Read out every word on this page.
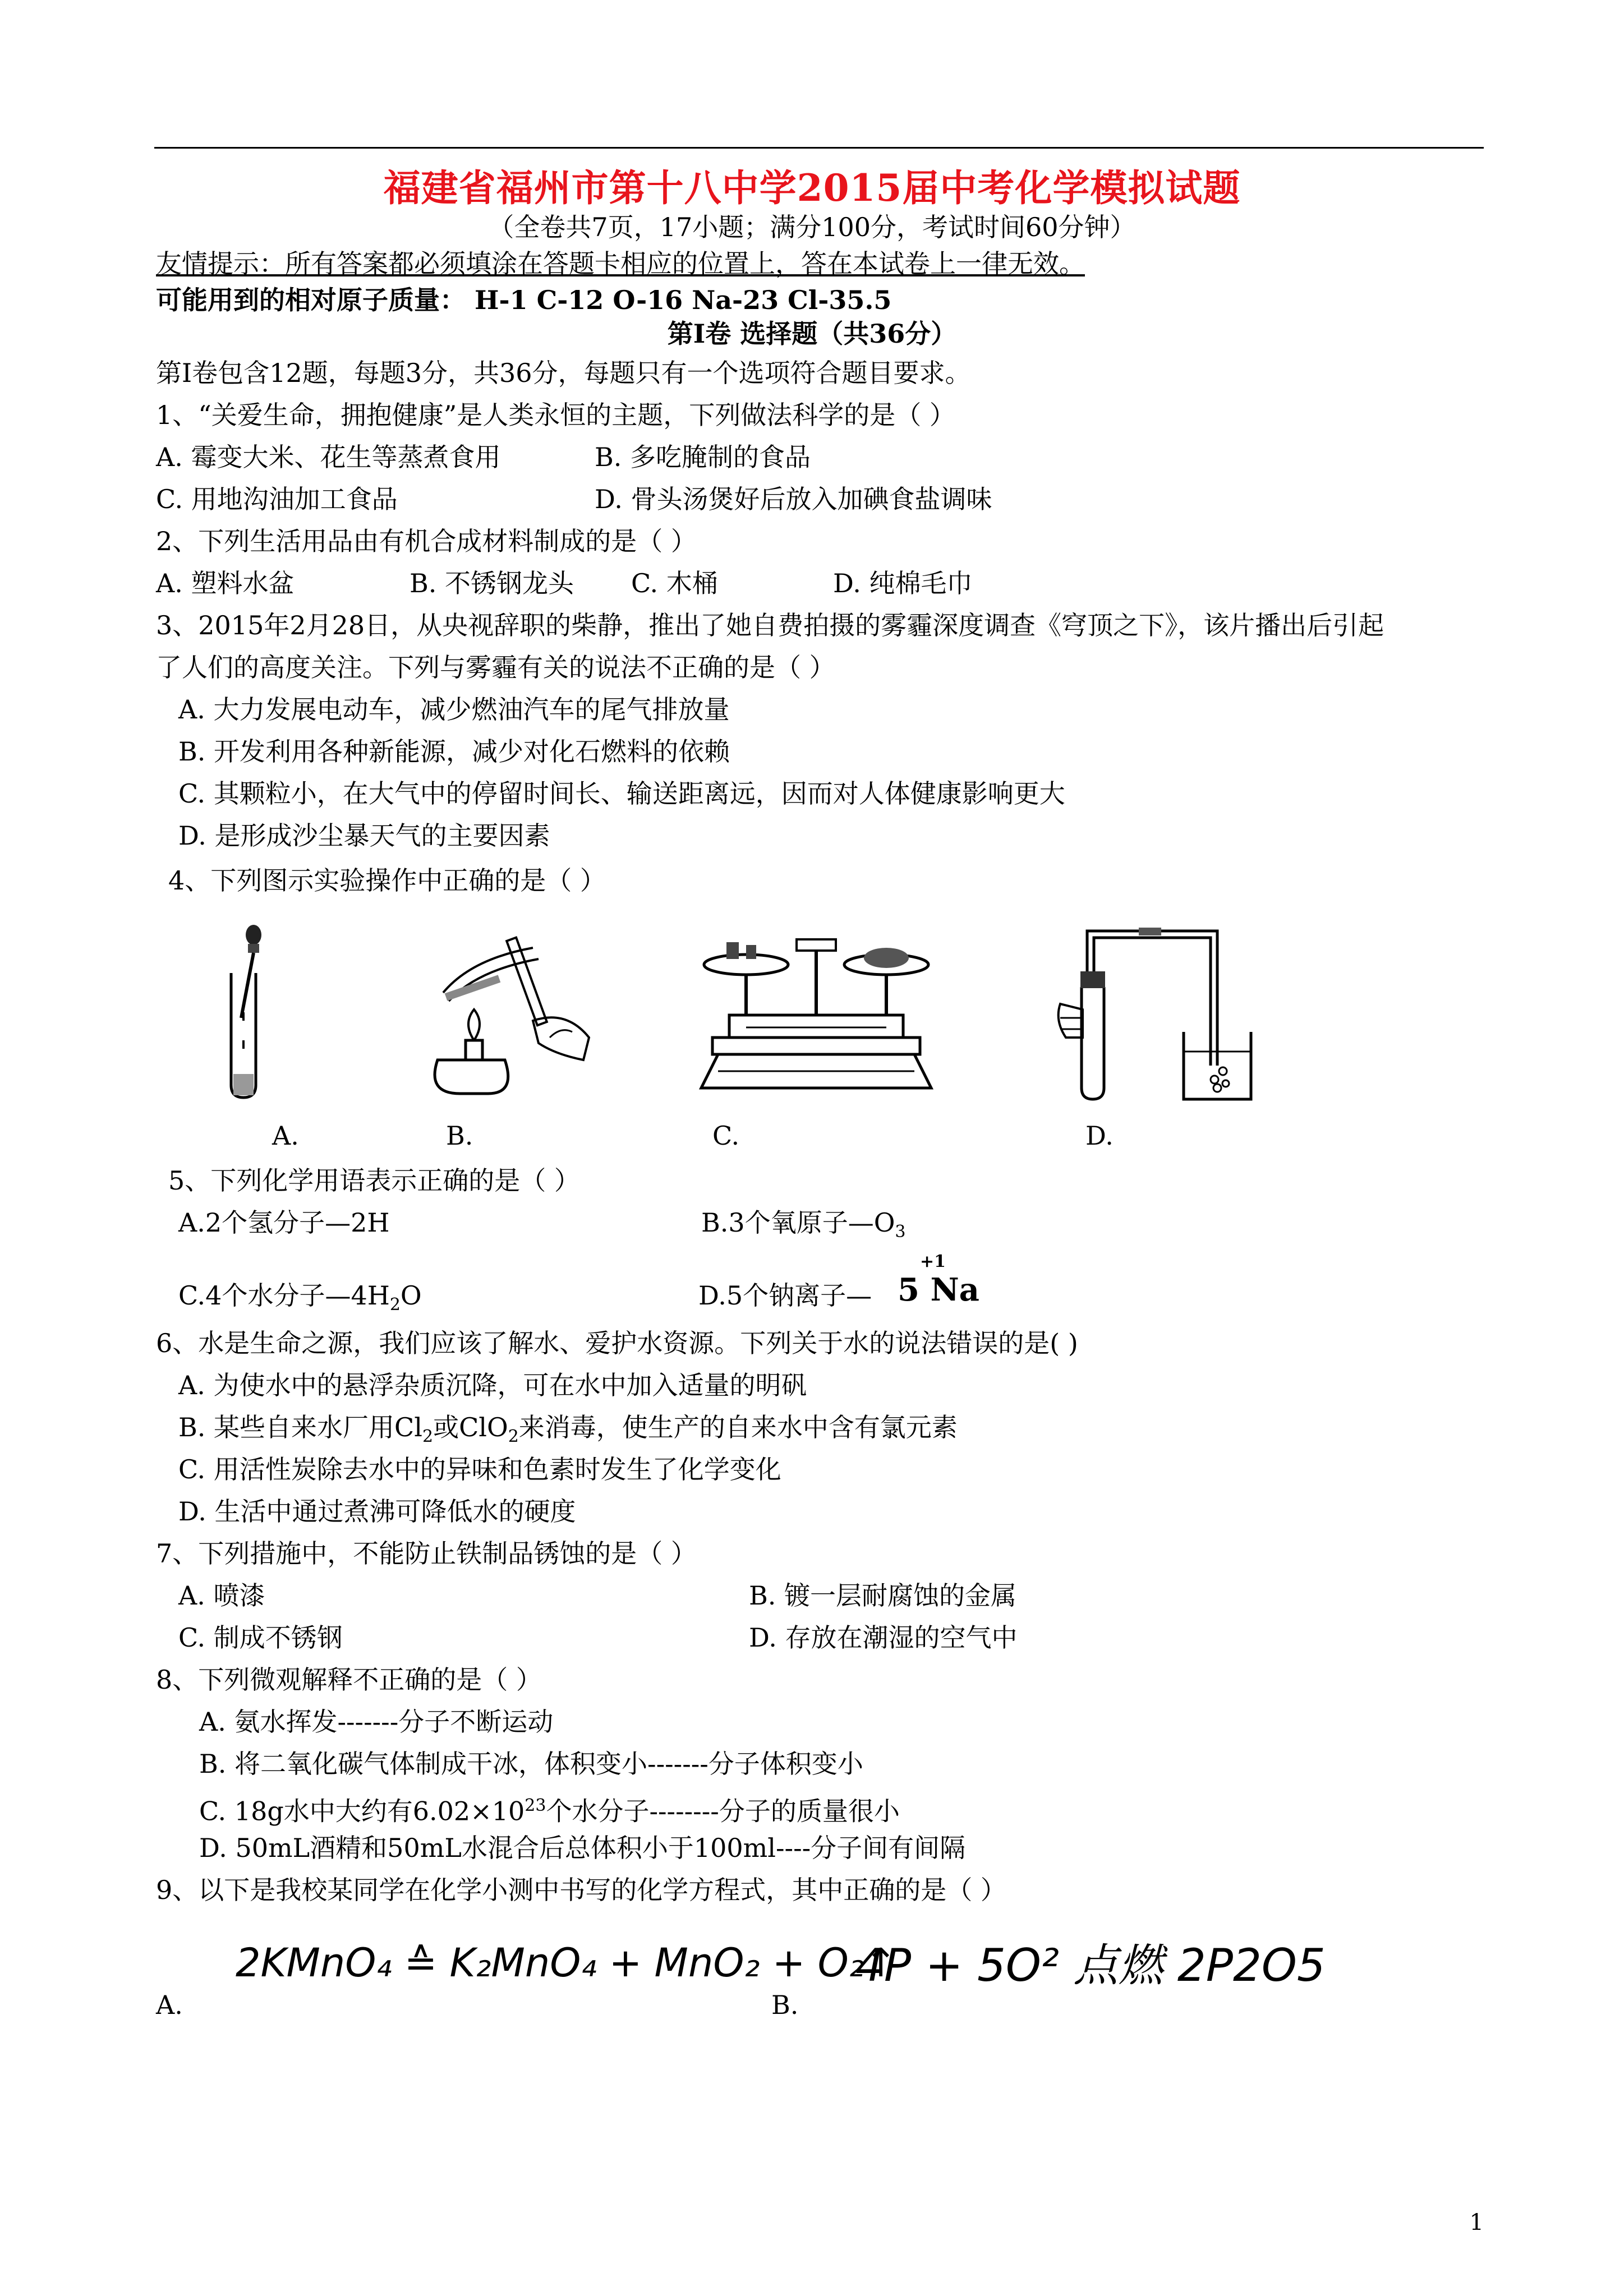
福建省福州市第十八中学2015届中考化学模拟试题
（全卷共7页，17小题；满分100分，考试时间60分钟）
友情提示：所有答案都必须填涂在答题卡相应的位置上，答在本试卷上一律无效。
可能用到的相对原子质量： H-1 C-12 O-16 Na-23 Cl-35.5
第Ⅰ卷 选择题（共36分）
第Ⅰ卷包含12题，每题3分，共36分，每题只有一个选项符合题目要求。
1、“关爱生命，拥抱健康”是人类永恒的主题，下列做法科学的是（ ）
A. 霉变大米、花生等蒸煮食用	B. 多吃腌制的食品
C. 用地沟油加工食品	D. 骨头汤煲好后放入加碘食盐调味
2、下列生活用品由有机合成材料制成的是（ ）
A. 塑料水盆	B. 不锈钢龙头 C. 木桶	D. 纯棉毛巾
3、2015年2月28日，从央视辞职的柴静，推出了她自费拍摄的雾霾深度调查《穹顶之下》，该片播出后引起
了人们的高度关注。下列与雾霾有关的说法不正确的是（ ）
A. 大力发展电动车，减少燃油汽车的尾气排放量
B. 开发利用各种新能源，减少对化石燃料的依赖
C. 其颗粒小，在大气中的停留时间长、输送距离远，因而对人体健康影响更大
D. 是形成沙尘暴天气的主要因素
4、下列图示实验操作中正确的是（ ）
A.	B.	C.	D.
5、下列化学用语表示正确的是（ ）
A.2个氢分子—2H	B.3个氧原子$—O_3$
C.4个水分子$—4H_2O$	D.5个钠离子— 5 Na
+1
6、水是生命之源，我们应该了解水、爱护水资源。下列关于水的说法错误的是( )
A. 为使水中的悬浮杂质沉降，可在水中加入适量的明矾
B. 某些自来水厂用$Cl_2$或ClO$_2$来消毒，使生产的自来水中含有氯元素
C. 用活性炭除去水中的异味和色素时发生了化学变化
D. 生活中通过煮沸可降低水的硬度
7、下列措施中，不能防止铁制品锈蚀的是（ ）
A. 喷漆	B. 镀一层耐腐蚀的金属
C. 制成不锈钢	D. 存放在潮湿的空气中
8、下列微观解释不正确的是（ ）
A. 氨水挥发-------分子不断运动
B. 将二氧化碳气体制成干冰，体积变小-------分子体积变小
C. 18g水中大约有$6.02\times 10^{23}$个水分子--------分子的质量很小
D. 50mL酒精和50mL水混合后总体积小于100ml----分子间有间隔
9、以下是我校某同学在化学小测中书写的化学方程式，其中正确的是（ ）
A.
2KMnO₄ ≙ K₂MnO₄ + MnO₂ + O₂↑
B.
4P + 5O² 点燃 2P2O5
1
